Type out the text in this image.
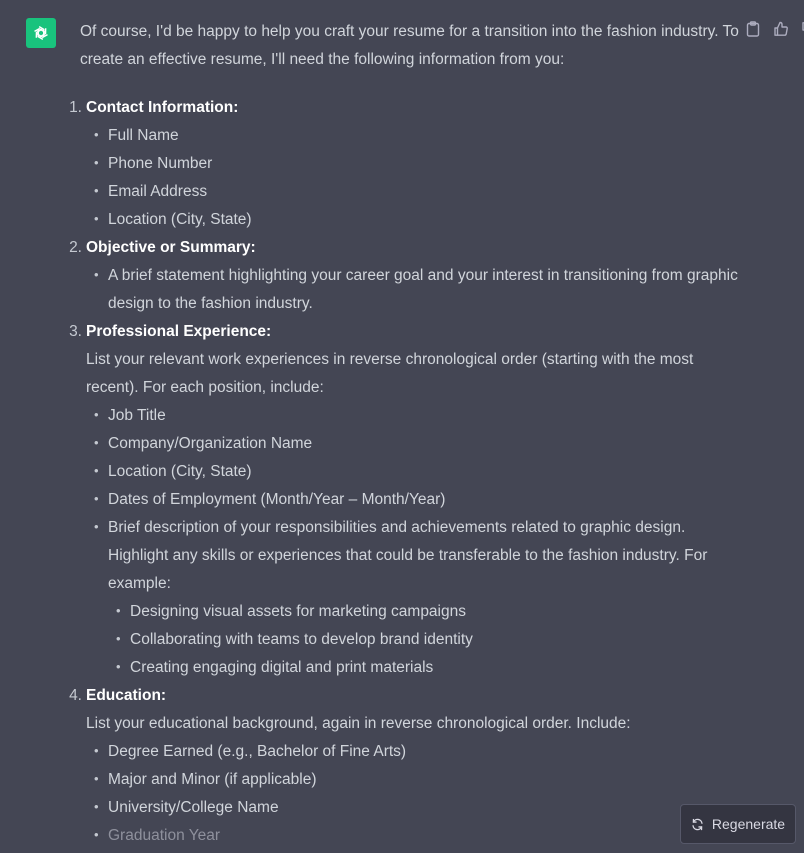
Of course, I'd be happy to help you craft your resume for a transition into the fashion industry. To create an effective resume, I'll need the following information from you:

1. Contact Information:
• Full Name
• Phone Number
• Email Address
• Location (City, State)
2. Objective or Summary:
• A brief statement highlighting your career goal and your interest in transitioning from graphic design to the fashion industry.
3. Professional Experience:
List your relevant work experiences in reverse chronological order (starting with the most recent). For each position, include:
• Job Title
• Company/Organization Name
• Location (City, State)
• Dates of Employment (Month/Year – Month/Year)
• Brief description of your responsibilities and achievements related to graphic design. Highlight any skills or experiences that could be transferable to the fashion industry. For example:
• Designing visual assets for marketing campaigns
• Collaborating with teams to develop brand identity
• Creating engaging digital and print materials
4. Education:
List your educational background, again in reverse chronological order. Include:
• Degree Earned (e.g., Bachelor of Fine Arts)
• Major and Minor (if applicable)
• University/College Name
• Graduation Year
Regenerate
